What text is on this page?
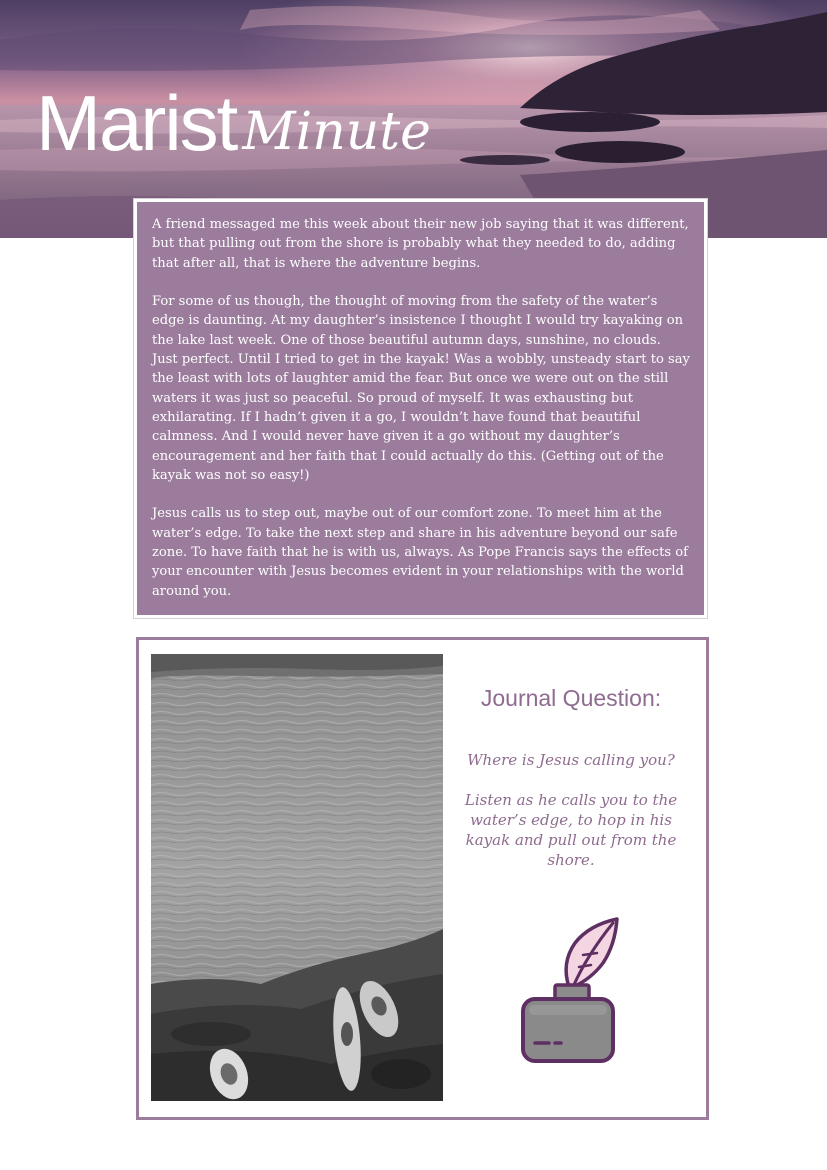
Marist Minute

A friend messaged me this week about their new job saying that it was different, but that pulling out from the shore is probably what they needed to do, adding that after all, that is where the adventure begins.

For some of us though, the thought of moving from the safety of the water’s edge is daunting. At my daughter’s insistence I thought I would try kayaking on the lake last week. One of those beautiful autumn days, sunshine, no clouds. Just perfect. Until I tried to get in the kayak! Was a wobbly, unsteady start to say the least with lots of laughter amid the fear. But once we were out on the still waters it was just so peaceful. So proud of myself. It was exhausting but exhilarating. If I hadn’t given it a go, I wouldn’t have found that beautiful calmness. And I would never have given it a go without my daughter’s encouragement and her faith that I could actually do this. (Getting out of the kayak was not so easy!)

Jesus calls us to step out, maybe out of our comfort zone. To meet him at the water’s edge. To take the next step and share in his adventure beyond our safe zone. To have faith that he is with us, always. As Pope Francis says the effects of your encounter with Jesus becomes evident in your relationships with the world around you.

Journal Question:

Where is Jesus calling you?

Listen as he calls you to the water’s edge, to hop in his kayak and pull out from the shore.
